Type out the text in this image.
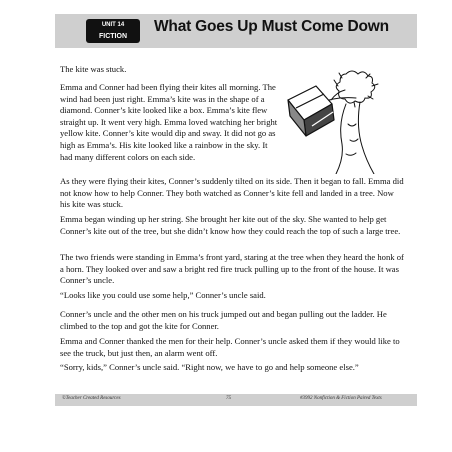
UNIT 14
FICTION
What Goes Up Must Come Down

The kite was stuck.

Emma and Conner had been flying their kites all morning. The wind had been just right. Emma’s kite was in the shape of a diamond. Conner’s kite looked like a box. Emma’s kite flew straight up. It went very high. Emma loved watching her bright yellow kite. Conner’s kite would dip and sway. It did not go as high as Emma’s. His kite looked like a rainbow in the sky. It had many different colors on each side.

As they were flying their kites, Conner’s suddenly tilted on its side. Then it began to fall. Emma did not know how to help Conner. They both watched as Conner’s kite fell and landed in a tree. Now his kite was stuck.

Emma began winding up her string. She brought her kite out of the sky. She wanted to help get Conner’s kite out of the tree, but she didn’t know how they could reach the top of such a large tree.

The two friends were standing in Emma’s front yard, staring at the tree when they heard the honk of a horn. They looked over and saw a bright red fire truck pulling up to the front of the house. It was Conner’s uncle.

“Looks like you could use some help,” Conner’s uncle said.

Conner’s uncle and the other men on his truck jumped out and began pulling out the ladder. He climbed to the top and got the kite for Conner.

Emma and Conner thanked the men for their help. Conner’s uncle asked them if they would like to see the truck, but just then, an alarm went off.

“Sorry, kids,” Conner’s uncle said. “Right now, we have to go and help someone else.”

©Teacher Created Resources	75	#3992 Nonfiction & Fiction Paired Texts
